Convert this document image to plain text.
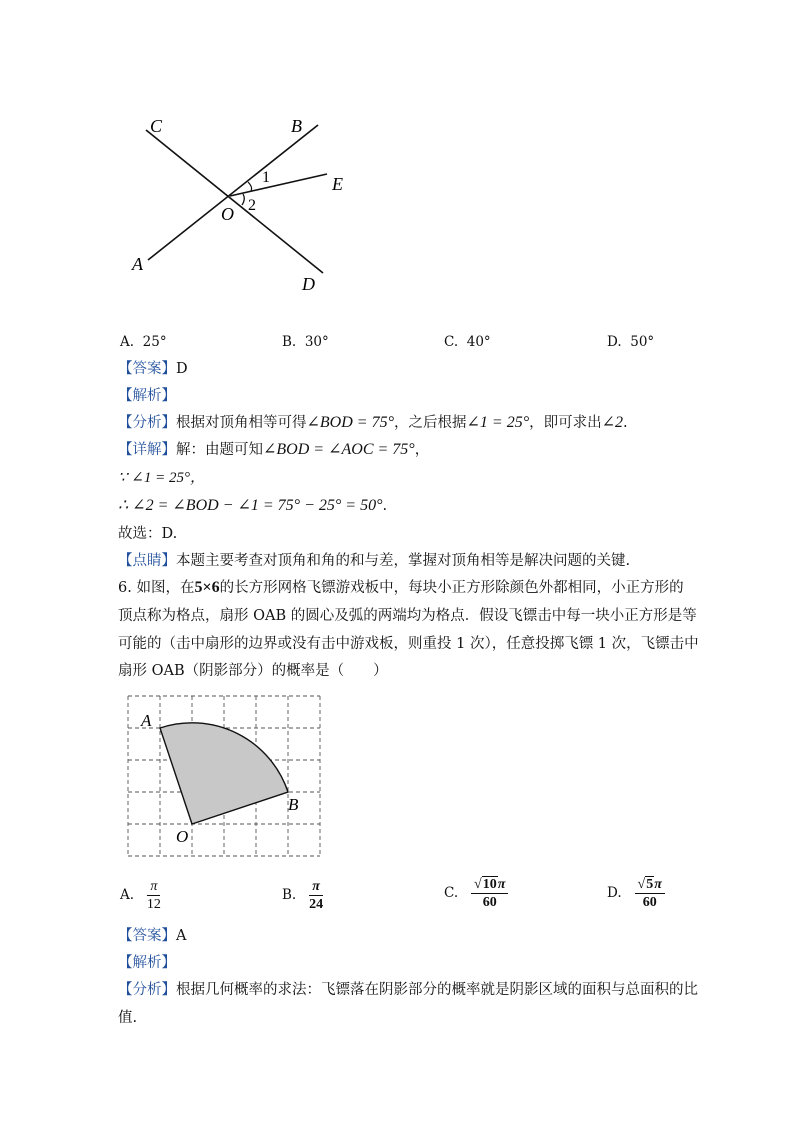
C	B
E
1
2
O
A
D
A. 25°	B. 30°	C. 40°	D. 50°
【答案】D
【解析】
【分析】根据对顶角相等可得∠BOD = 75°，之后根据∠1 = 25°，即可求出∠2.
【详解】解：由题可知∠BOD = ∠AOC = 75°，
∵ ∠1 = 25°，
∴ ∠2 = ∠BOD − ∠1 = 75° − 25° = 50°.
故选：D.
【点睛】本题主要考查对顶角和角的和与差，掌握对顶角相等是解决问题的关键.
6. 如图，在5×6的长方形网格飞镖游戏板中，每块小正方形除颜色外都相同，小正方形的
顶点称为格点，扇形 OAB 的圆心及弧的两端均为格点．假设飞镖击中每一块小正方形是等
可能的（击中扇形的边界或没有击中游戏板，则重投 1 次），任意投掷飞镖 1 次，飞镖击中
扇形 OAB（阴影部分）的概率是（　　）
A
B
O
A. $\frac{\pi}{12}$	B. $\frac{\pi}{24}$	C. $\frac{√10\pi}{60}$	D. $\frac{√5\pi}{60}$
【答案】A
【解析】
【分析】根据几何概率的求法：飞镖落在阴影部分的概率就是阴影区域的面积与总面积的比
值.
